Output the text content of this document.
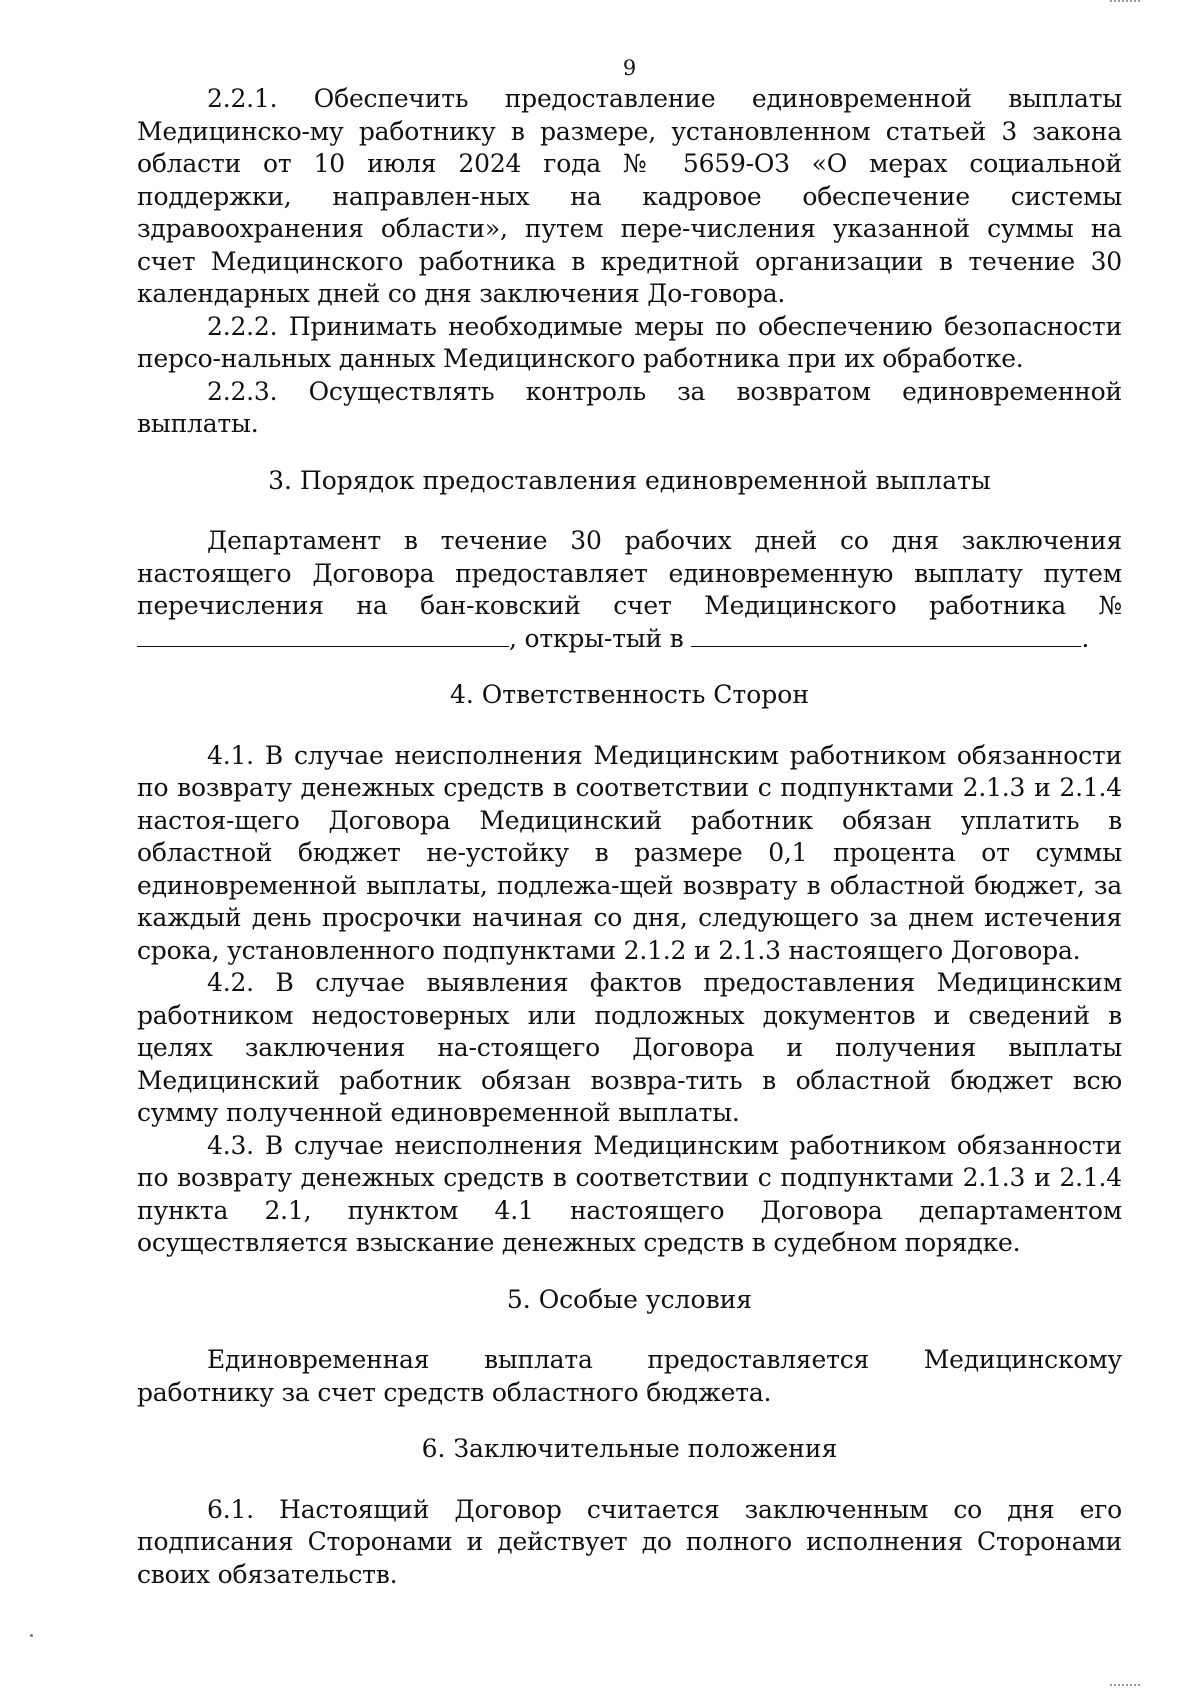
9

2.2.1. Обеспечить предоставление единовременной выплаты Медицинско-му работнику в размере, установленном статьей 3 закона области от 10 июля 2024 года № 5659-ОЗ «О мерах социальной поддержки, направлен-ных на кадровое обеспечение системы здравоохранения области», путем пере-числения указанной суммы на счет Медицинского работника в кредитной организации в течение 30 календарных дней со дня заключения До-говора.

2.2.2. Принимать необходимые меры по обеспечению безопасности персо-нальных данных Медицинского работника при их обработке.

2.2.3. Осуществлять контроль за возвратом единовременной выплаты.

3. Порядок предоставления единовременной выплаты

Департамент в течение 30 рабочих дней со дня заключения настоящего Договора предоставляет единовременную выплату путем перечисления на бан-ковский счет Медицинского работника № , откры-тый в	.

4. Ответственность Сторон

4.1. В случае неисполнения Медицинским работником обязанности по возврату денежных средств в соответствии с подпунктами 2.1.3 и 2.1.4 настоя-щего Договора Медицинский работник обязан уплатить в областной бюджет не-устойку в размере 0,1 процента от суммы единовременной выплаты, подлежа-щей возврату в областной бюджет, за каждый день просрочки начиная со дня, следующего за днем истечения срока, установленного подпунктами 2.1.2 и 2.1.3 настоящего Договора.

4.2. В случае выявления фактов предоставления Медицинским работником недостоверных или подложных документов и сведений в целях заключения на-стоящего Договора и получения выплаты Медицинский работник обязан возвра-тить в областной бюджет всю сумму полученной единовременной выплаты.

4.3. В случае неисполнения Медицинским работником обязанности по возврату денежных средств в соответствии с подпунктами 2.1.3 и 2.1.4 пункта 2.1, пунктом 4.1 настоящего Договора департаментом осуществляется взыскание денежных средств в судебном порядке.

5. Особые условия

Единовременная выплата предоставляется Медицинскому работнику за счет средств областного бюджета.

6. Заключительные положения

6.1. Настоящий Договор считается заключенным со дня его подписания Сторонами и действует до полного исполнения Сторонами своих обязательств.
